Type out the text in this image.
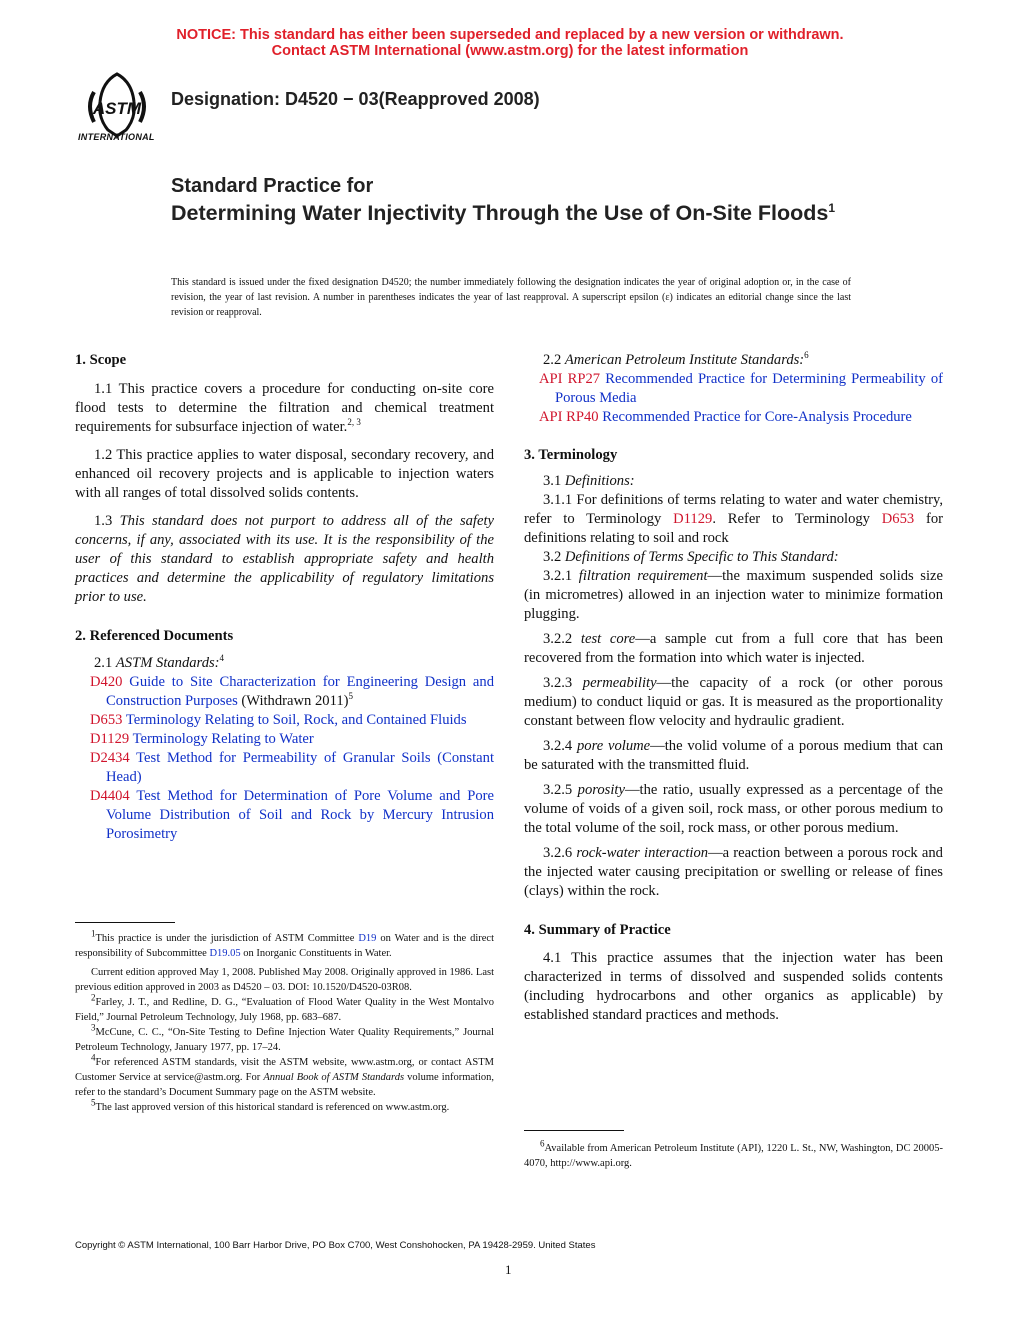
NOTICE: This standard has either been superseded and replaced by a new version or withdrawn.
Contact ASTM International (www.astm.org) for the latest information
ASTM
INTERNATIONAL
Designation: D4520 − 03(Reapproved 2008)
Standard Practice for
Determining Water Injectivity Through the Use of On-Site Floods$^1$
This standard is issued under the fixed designation D4520; the number immediately following the designation indicates the year of original adoption or, in the case of revision, the year of last revision. A number in parentheses indicates the year of last reapproval. A superscript epsilon (ε) indicates an editorial change since the last revision or reapproval.
1. Scope

1.1 This practice covers a procedure for conducting on-site core flood tests to determine the filtration and chemical treatment requirements for subsurface injection of water.$^{2, 3}$

1.2 This practice applies to water disposal, secondary recovery, and enhanced oil recovery projects and is applicable to injection waters with all ranges of total dissolved solids contents.

1.3 This standard does not purport to address all of the safety concerns, if any, associated with its use. It is the responsibility of the user of this standard to establish appropriate safety and health practices and determine the applicability of regulatory limitations prior to use.

2. Referenced Documents

2.1 ASTM Standards:$^4$

D420 Guide to Site Characterization for Engineering Design and Construction Purposes (Withdrawn 2011)$^5$

D653 Terminology Relating to Soil, Rock, and Contained Fluids

D1129 Terminology Relating to Water

D2434 Test Method for Permeability of Granular Soils (Constant Head)

D4404 Test Method for Determination of Pore Volume and Pore Volume Distribution of Soil and Rock by Mercury Intrusion Porosimetry

$^1$This practice is under the jurisdiction of ASTM Committee D19 on Water and is the direct responsibility of Subcommittee D19.05 on Inorganic Constituents in Water.

Current edition approved May 1, 2008. Published May 2008. Originally approved in 1986. Last previous edition approved in 2003 as D4520 – 03. DOI: 10.1520/D4520-03R08.

$^2$Farley, J. T., and Redline, D. G., “Evaluation of Flood Water Quality in the West Montalvo Field,” Journal Petroleum Technology, July 1968, pp. 683–687.

$^3$McCune, C. C., “On-Site Testing to Define Injection Water Quality Requirements,” Journal Petroleum Technology, January 1977, pp. 17–24.

$^4$For referenced ASTM standards, visit the ASTM website, www.astm.org, or contact ASTM Customer Service at service@astm.org. For Annual Book of ASTM Standards volume information, refer to the standard’s Document Summary page on the ASTM website.

$^5$The last approved version of this historical standard is referenced on www.astm.org.

2.2 American Petroleum Institute Standards:$^6$

API RP27 Recommended Practice for Determining Permeability of Porous Media

API RP40 Recommended Practice for Core-Analysis Procedure

3. Terminology

3.1 Definitions:

3.1.1 For definitions of terms relating to water and water chemistry, refer to Terminology D1129. Refer to Terminology D653 for definitions relating to soil and rock

3.2 Definitions of Terms Specific to This Standard:

3.2.1 filtration requirement—the maximum suspended solids size (in micrometres) allowed in an injection water to minimize formation plugging.

3.2.2 test core—a sample cut from a full core that has been recovered from the formation into which water is injected.

3.2.3 permeability—the capacity of a rock (or other porous medium) to conduct liquid or gas. It is measured as the proportionality constant between flow velocity and hydraulic gradient.

3.2.4 pore volume—the volid volume of a porous medium that can be saturated with the transmitted fluid.

3.2.5 porosity—the ratio, usually expressed as a percentage of the volume of voids of a given soil, rock mass, or other porous medium to the total volume of the soil, rock mass, or other porous medium.

3.2.6 rock-water interaction—a reaction between a porous rock and the injected water causing precipitation or swelling or release of fines (clays) within the rock.

4. Summary of Practice

4.1 This practice assumes that the injection water has been characterized in terms of dissolved and suspended solids contents (including hydrocarbons and other organics as applicable) by established standard practices and methods.

$^6$Available from American Petroleum Institute (API), 1220 L. St., NW, Washington, DC 20005-4070, http://www.api.org.

Copyright © ASTM International, 100 Barr Harbor Drive, PO Box C700, West Conshohocken, PA 19428-2959. United States
1
